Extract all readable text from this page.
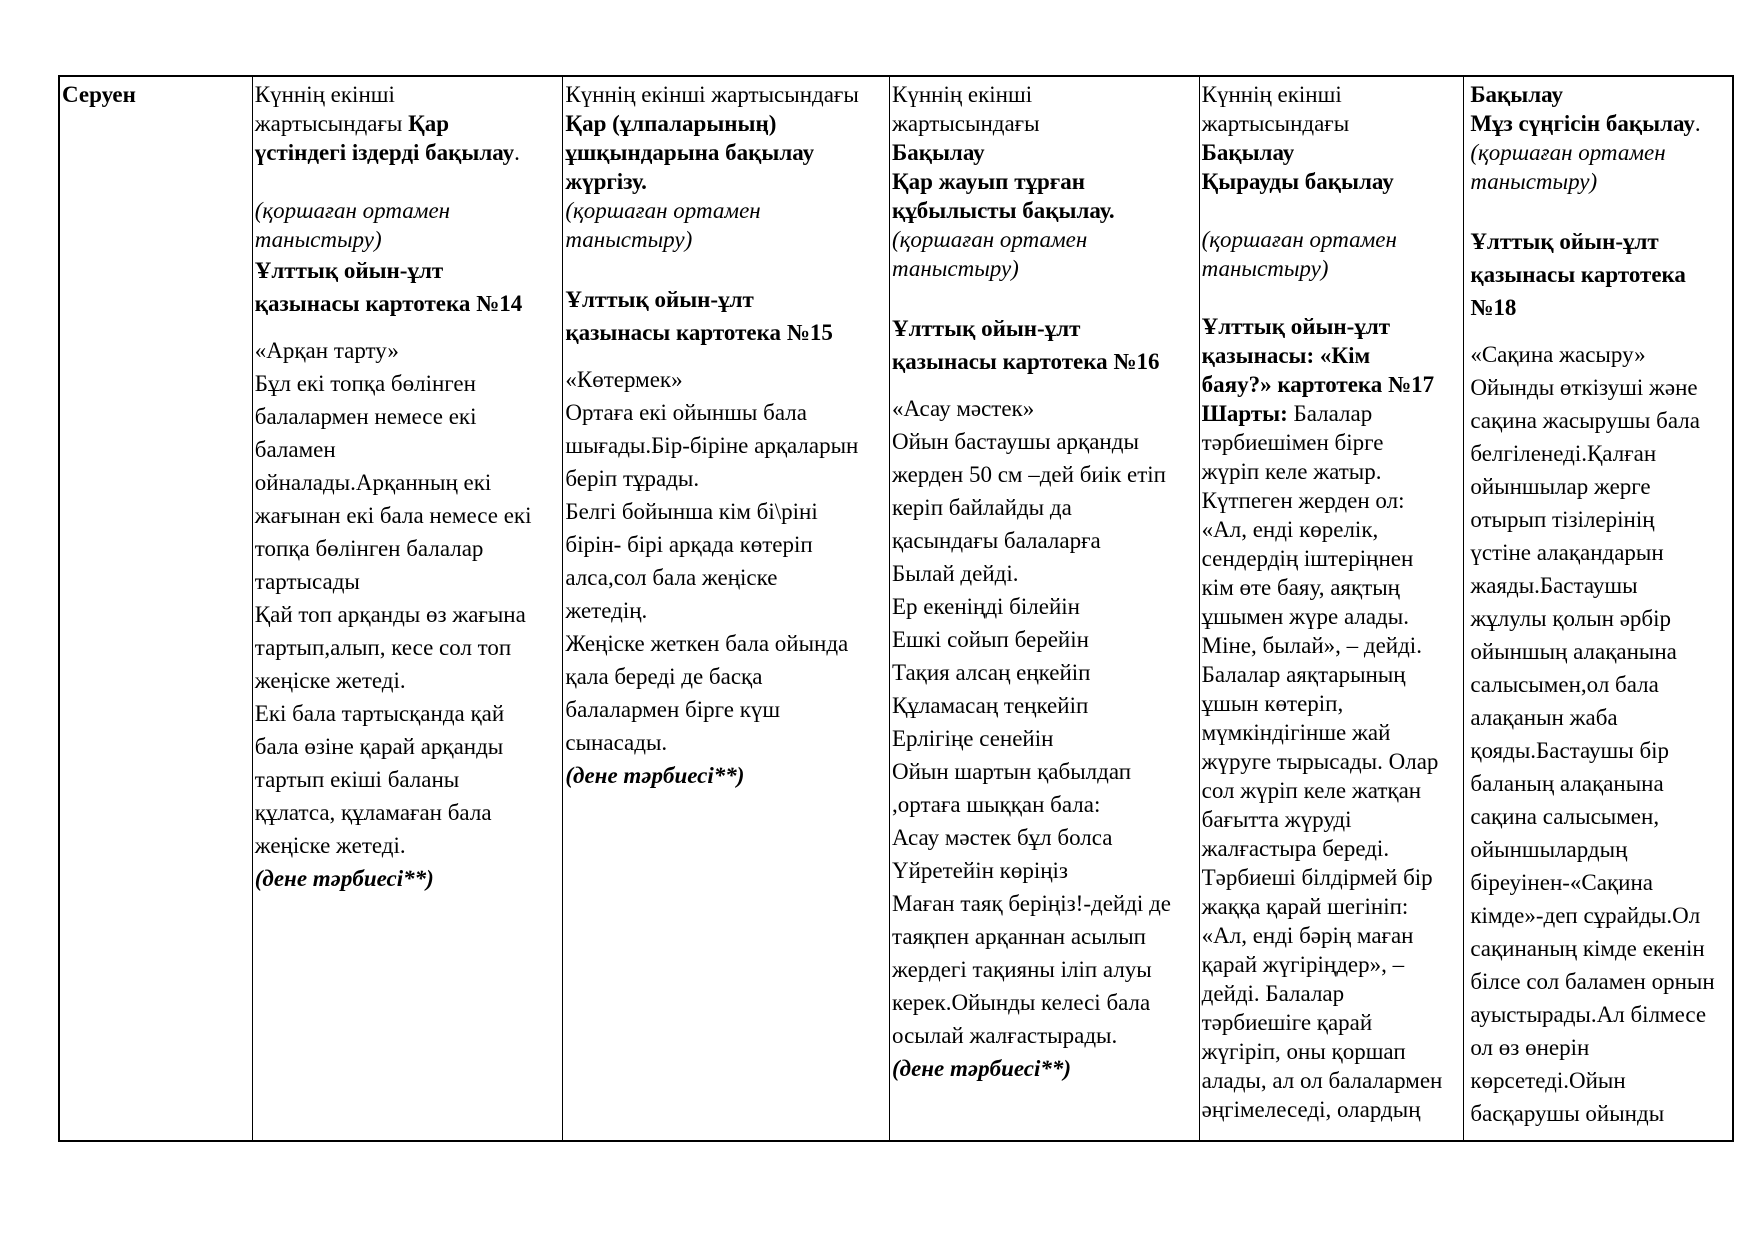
Серуен	Күннің екінші
жартысындағы Қар
үстіндегі іздерді бақылау.
(қоршаған ортамен
таныстыру)
Ұлттық ойын-ұлт
қазынасы картотека №14
«Арқан тарту»
Бұл екі топқа бөлінген
балалармен немесе екі
баламен
ойналады.Арқанның екі
жағынан екі бала немесе екі
топқа бөлінген балалар
тартысады
Қай топ арқанды өз жағына
тартып,алып, кесе сол топ
жеңіске жетеді.
Екі бала тартысқанда қай
бала өзіне қарай арқанды
тартып екіші баланы
құлатса, құламаған бала
жеңіске жетеді.
(дене тәрбиесі**)
Күннің екінші жартысындағы
Қар (ұлпаларының)
ұшқындарына бақылау
жүргізу.
(қоршаған ортамен
таныстыру)
Ұлттық ойын-ұлт
қазынасы картотека №15
«Көтермек»
Ортаға екі ойыншы бала
шығады.Бір-біріне арқаларын
беріп тұрады.
Белгі бойынша кім бі\ріні
бірін- бірі арқада көтеріп
алса,сол бала жеңіске
жетедің.
Жеңіске жеткен бала ойында
қала береді де басқа
балалармен бірге күш
сынасады.
(дене тәрбиесі**)
Күннің екінші
жартысындағы
Бақылау
Қар жауып тұрған
құбылысты бақылау.
(қоршаған ортамен
таныстыру)
Ұлттық ойын-ұлт
қазынасы картотека №16
«Асау мәстек»
Ойын бастаушы арқанды
жерден 50 см –дей биік етіп
керіп байлайды да
қасындағы балаларға
Былай дейді.
Ер екеніңді білейін
Ешкі сойып берейін
Тақия алсаң еңкейіп
Құламасаң теңкейіп
Ерлігіңе сенейін
Ойын шартын қабылдап
,ортаға шыққан бала:
Асау мәстек бұл болса
Үйретейін көріңіз
Маған таяқ беріңіз!-дейді де
таяқпен арқаннан асылып
жердегі тақияны іліп алуы
керек.Ойынды келесі бала
осылай жалғастырады.
(дене тәрбиесі**)
Күннің екінші
жартысындағы
Бақылау
Қырауды бақылау
(қоршаған ортамен
таныстыру)
Ұлттық ойын-ұлт
қазынасы: «Кім
баяу?» картотека №17
Шарты: Балалар
тәрбиешімен бірге
жүріп келе жатыр.
Күтпеген жерден ол:
«Ал, енді көрелік,
сендердің іштеріңнен
кім өте баяу, аяқтың
ұшымен жүре алады.
Міне, былай», – дейді.
Балалар аяқтарының
ұшын көтеріп,
мүмкіндігінше жай
жүруге тырысады. Олар
сол жүріп келе жатқан
бағытта жүруді
жалғастыра береді.
Тәрбиеші білдірмей бір
жаққа қарай шегініп:
«Ал, енді бәрің маған
қарай жүгіріңдер», –
дейді. Балалар
тәрбиешіге қарай
жүгіріп, оны қоршап
алады, ал ол балалармен
әңгімелеседі, олардың
Бақылау
Мұз сүңгісін бақылау.
(қоршаған ортамен
таныстыру)
Ұлттық ойын-ұлт
қазынасы картотека
№18
«Сақина жасыру»
Ойынды өткізуші және
сақина жасырушы бала
белгіленеді.Қалған
ойыншылар жерге
отырып тізілерінің
үстіне алақандарын
жаяды.Бастаушы
жұлулы қолын әрбір
ойыншың алақанына
салысымен,ол бала
алақанын жаба
қояды.Бастаушы бір
баланың алақанына
сақина салысымен,
ойыншылардың
біреуінен-«Сақина
кімде»-деп сұрайды.Ол
сақинаның кімде екенін
білсе сол баламен орнын
ауыстырады.Ал білмесе
ол өз өнерін
көрсетеді.Ойын
басқарушы ойынды
